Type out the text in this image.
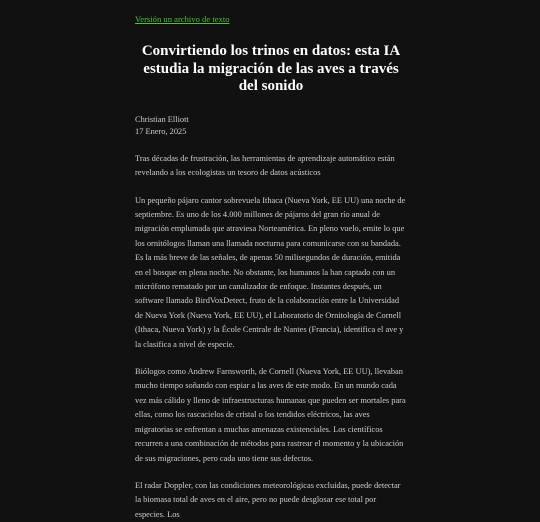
Versión un archivo de texto
Convirtiendo los trinos en datos: esta IA estudia la migración de las aves a través del sonido
Christian Elliott
17 Enero, 2025

Tras décadas de frustración, las herramientas de aprendizaje automático están revelando a los ecologistas un tesoro de datos acústicos

Un pequeño pájaro cantor sobrevuela Ithaca (Nueva York, EE UU) una noche de septiembre. Es uno de los 4.000 millones de pájaros del gran río anual de migración emplumada que atraviesa Norteamérica. En pleno vuelo, emite lo que los ornitólogos llaman una llamada nocturna para comunicarse con su bandada. Es la más breve de las señales, de apenas 50 milisegundos de duración, emitida en el bosque en plena noche. No obstante, los humanos la han captado con un micrófono rematado por un canalizador de enfoque. Instantes después, un software llamado BirdVoxDetect, fruto de la colaboración entre la Universidad de Nueva York (Nueva York, EE UU), el Laboratorio de Ornitología de Cornell (Ithaca, Nueva York) y la École Centrale de Nantes (Francia), identifica el ave y la clasifica a nivel de especie.

Biólogos como Andrew Farnsworth, de Cornell (Nueva York, EE UU), llevaban mucho tiempo soñando con espiar a las aves de este modo. En un mundo cada vez más cálido y lleno de infraestructuras humanas que pueden ser mortales para ellas, como los rascacielos de cristal o los tendidos eléctricos, las aves migratorias se enfrentan a muchas amenazas existenciales. Los científicos recurren a una combinación de métodos para rastrear el momento y la ubicación de sus migraciones, pero cada uno tiene sus defectos.

El radar Doppler, con las condiciones meteorológicas excluidas, puede detectar la biomasa total de aves en el aire, pero no puede desglosar ese total por especies. Los
